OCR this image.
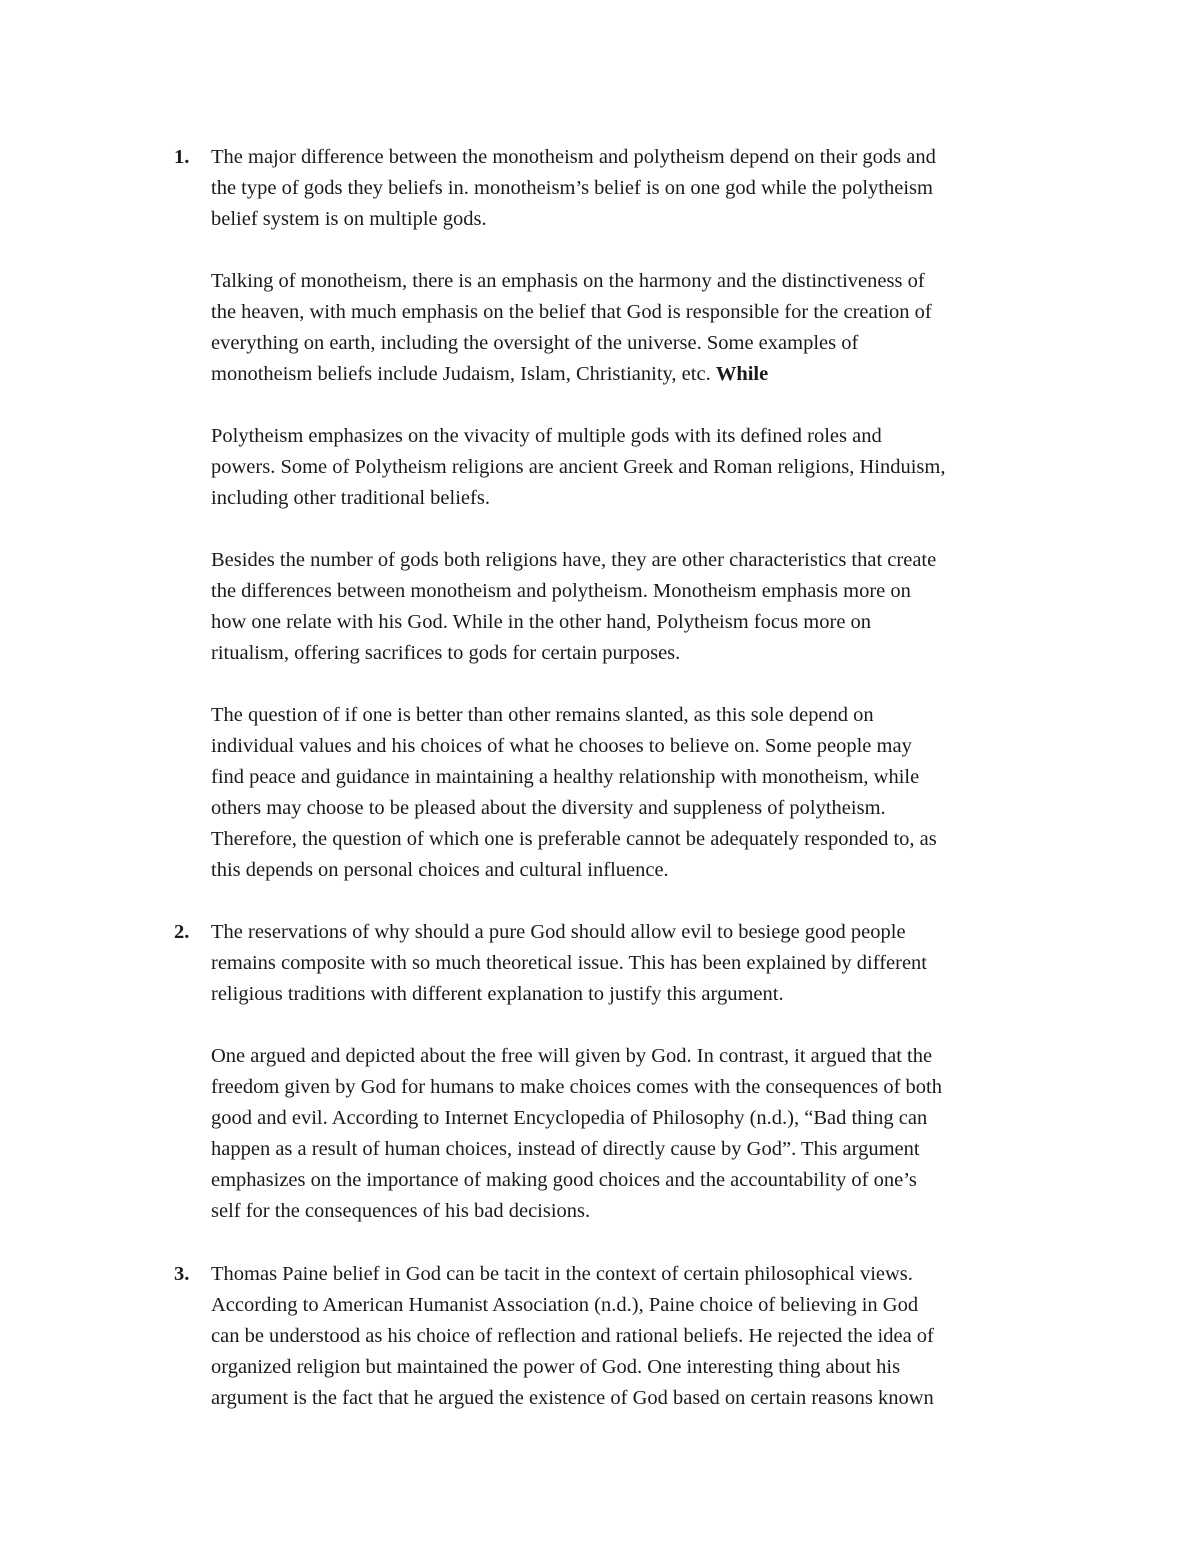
1. The major difference between the monotheism and polytheism depend on their gods and
the type of gods they beliefs in. monotheism’s belief is on one god while the polytheism
belief system is on multiple gods.
Talking of monotheism, there is an emphasis on the harmony and the distinctiveness of
the heaven, with much emphasis on the belief that God is responsible for the creation of
everything on earth, including the oversight of the universe. Some examples of
monotheism beliefs include Judaism, Islam, Christianity, etc. While
Polytheism emphasizes on the vivacity of multiple gods with its defined roles and
powers. Some of Polytheism religions are ancient Greek and Roman religions, Hinduism,
including other traditional beliefs.
Besides the number of gods both religions have, they are other characteristics that create
the differences between monotheism and polytheism. Monotheism emphasis more on
how one relate with his God. While in the other hand, Polytheism focus more on
ritualism, offering sacrifices to gods for certain purposes.
The question of if one is better than other remains slanted, as this sole depend on
individual values and his choices of what he chooses to believe on. Some people may
find peace and guidance in maintaining a healthy relationship with monotheism, while
others may choose to be pleased about the diversity and suppleness of polytheism.
Therefore, the question of which one is preferable cannot be adequately responded to, as
this depends on personal choices and cultural influence.
2. The reservations of why should a pure God should allow evil to besiege good people
remains composite with so much theoretical issue. This has been explained by different
religious traditions with different explanation to justify this argument.
One argued and depicted about the free will given by God. In contrast, it argued that the
freedom given by God for humans to make choices comes with the consequences of both
good and evil. According to Internet Encyclopedia of Philosophy (n.d.), “Bad thing can
happen as a result of human choices, instead of directly cause by God”. This argument
emphasizes on the importance of making good choices and the accountability of one’s
self for the consequences of his bad decisions.
3. Thomas Paine belief in God can be tacit in the context of certain philosophical views.
According to American Humanist Association (n.d.), Paine choice of believing in God
can be understood as his choice of reflection and rational beliefs. He rejected the idea of
organized religion but maintained the power of God. One interesting thing about his
argument is the fact that he argued the existence of God based on certain reasons known
